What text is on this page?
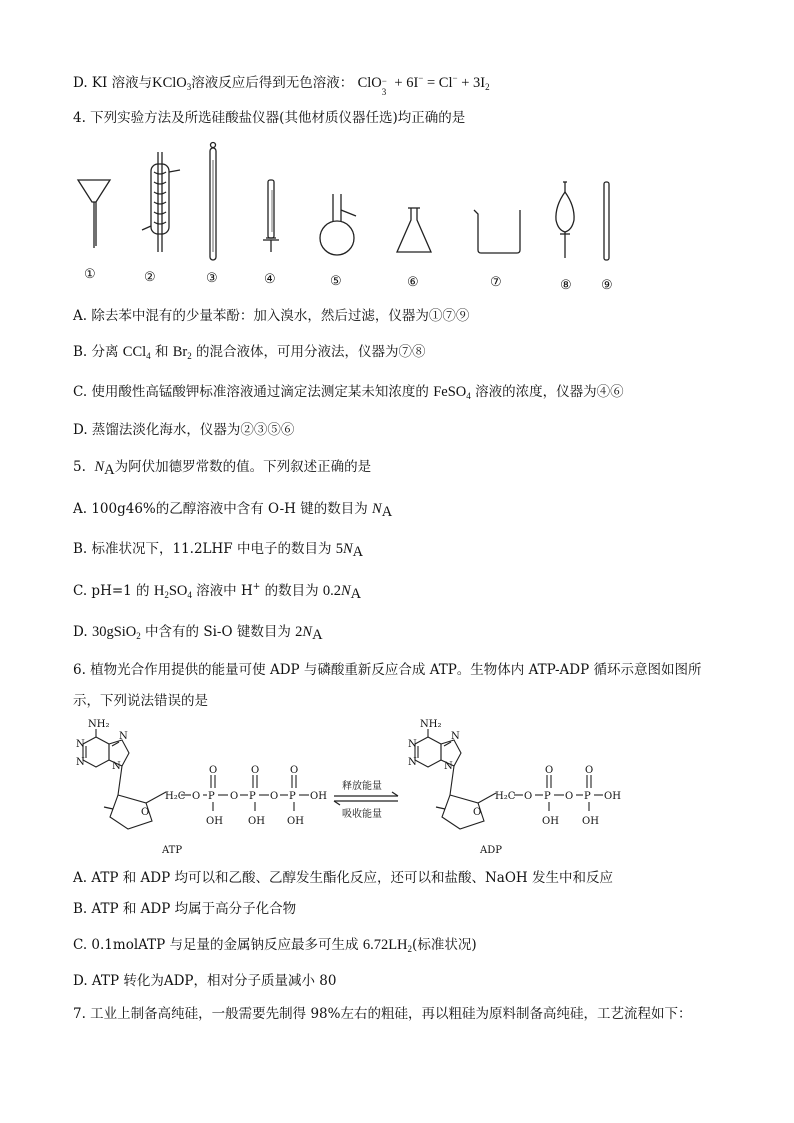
D. KI 溶液与KClO$_3$溶液反应后得到无色溶液： ClO −
3
+ $6I^- = Cl^- + 3I_2$
4. 下列实验方法及所选硅酸盐仪器(其他材质仪器任选)均正确的是
①	②	③	④	⑤	⑥	⑦	⑧ ⑨
A. 除去苯中混有的少量苯酚：加入溴水，然后过滤，仪器为①⑦⑨
B. 分离 CCl$_4$ 和 $Br_2$ 的混合液体，可用分液法，仪器为⑦⑧
C. 使用酸性高锰酸钾标准溶液通过滴定法测定某未知浓度的 FeSO$_4$ 溶液的浓度，仪器为④⑥
D. 蒸馏法淡化海水，仪器为②③⑤⑥
5. $N_A$为阿伏加德罗常数的值。下列叙述正确的是
A. 100g46%的乙醇溶液中含有 O-H 键的数目为 $N_A$
B. 标准状况下，11.2LHF 中电子的数目为 $5N_A$
C. pH=1 的 $H_2SO_4$ 溶液中 H+ 的数目为 $0.2N_A$
D. 30gSiO$_2$ 中含有的 Si-O 键数目为 $2N_A$
6. 植物光合作用提供的能量可使 ADP 与磷酸重新反应合成 ATP。生物体内 ATP-ADP 循环示意图如图所
示，下列说法错误的是
NH₂
N
N
N
N
O
H₂C O P
O
OH
O P
O
OH
O P
O
OH
OH
ATP
释放能量
吸收能量
NH₂
N
N
N
N
O
H₂C O P
O
OH
O P
O
OH
OH
ADP
A. ATP 和 ADP 均可以和乙酸、乙醇发生酯化反应，还可以和盐酸、NaOH 发生中和反应
B. ATP 和 ADP 均属于高分子化合物
C. 0.1molATP 与足量的金属钠反应最多可生成 $6.72LH_2$(标准状况)
D. ATP 转化为ADP，相对分子质量减小 80
7. 工业上制备高纯硅，一般需要先制得 98%左右的粗硅，再以粗硅为原料制备高纯硅，工艺流程如下：
